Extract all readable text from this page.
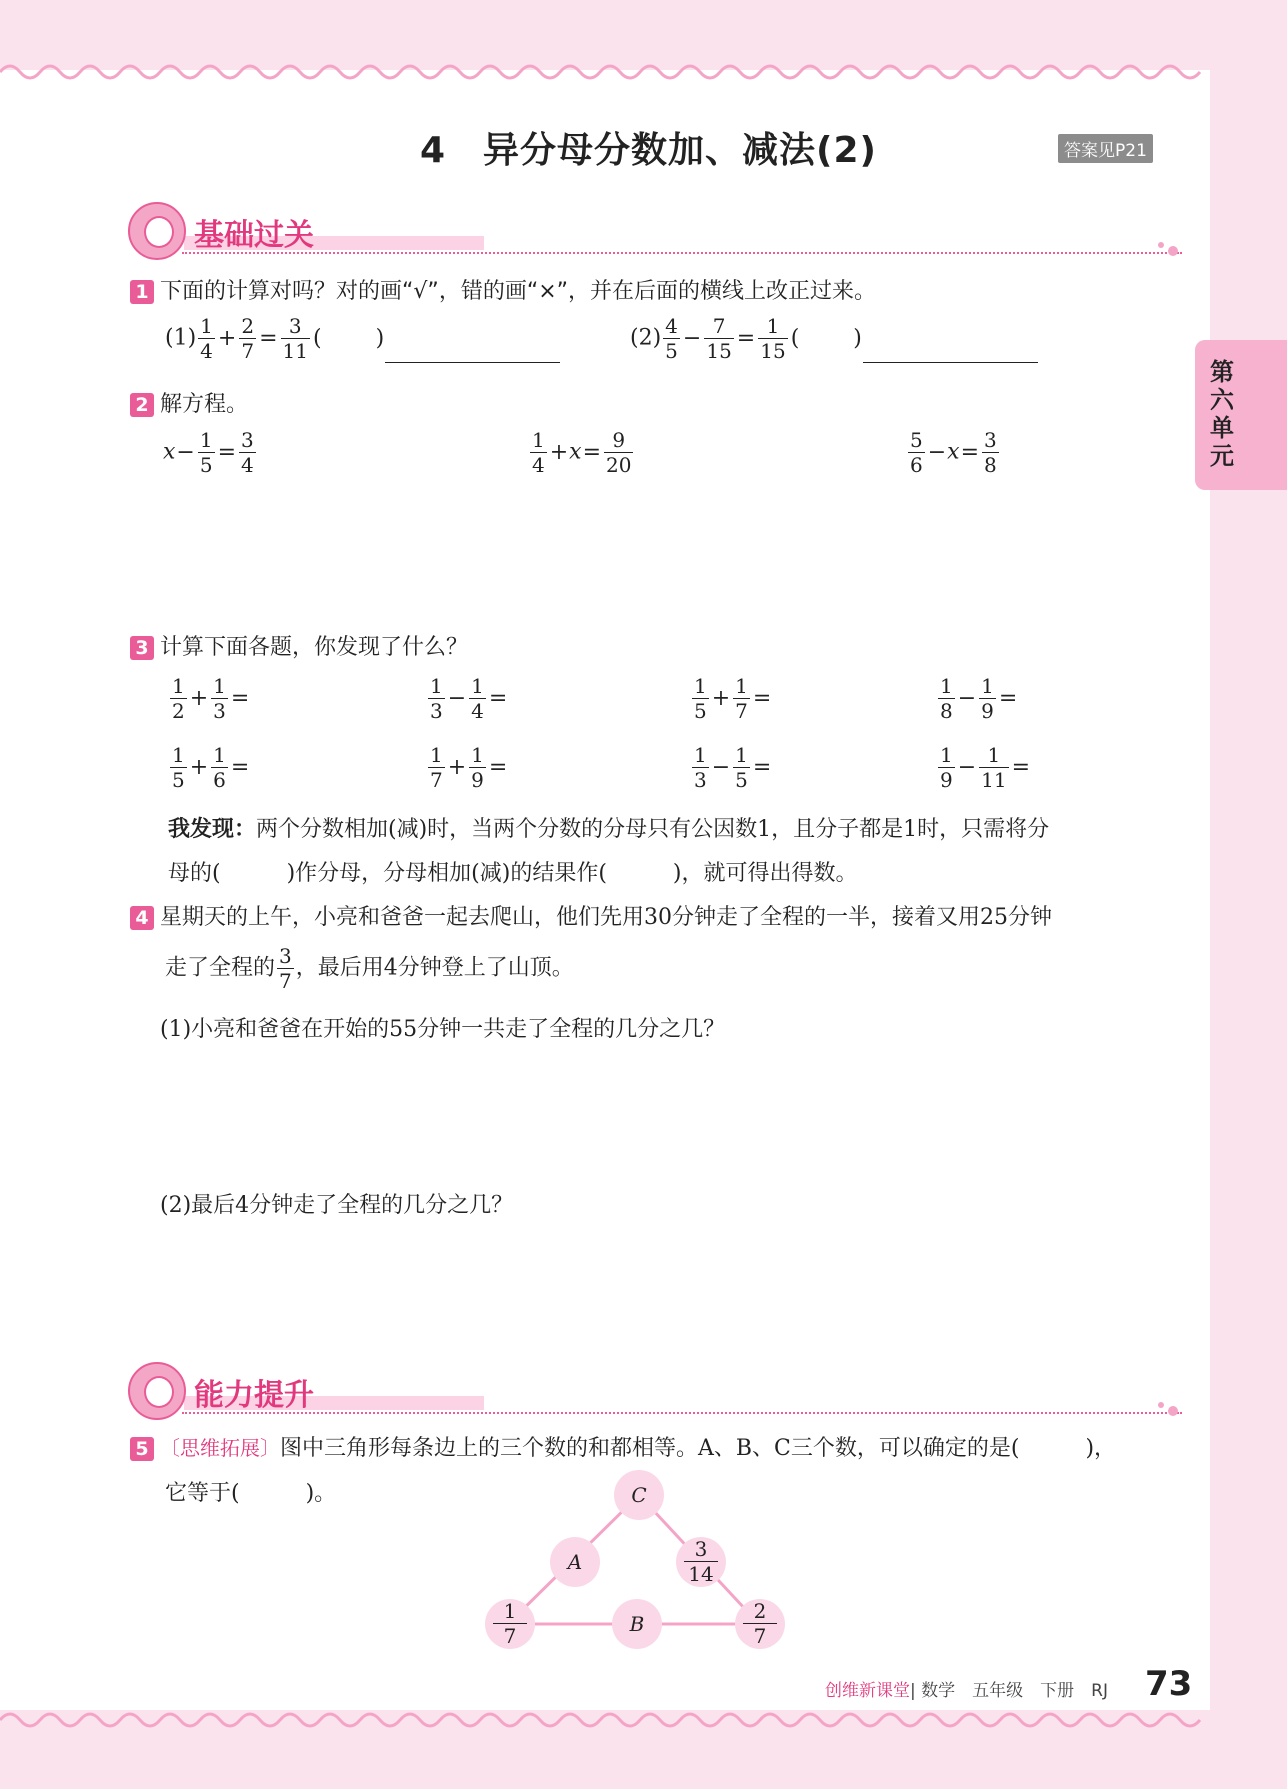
4　异分母分数加、减法(2)	答案见P21
第六单元
基础过关
1 下面的计算对吗？对的画“√”，错的画“×”，并在后面的横线上改正过来。
$(1) \frac{1}{4} + \frac{2}{7} = \frac{3}{11}$ ( )	$(2) \frac{4}{5} - \frac{7}{15} = \frac{1}{15}$ ( )
2 解方程。
$x- \frac{1}{5} = \frac{3}{4}$	$\frac{1}{4} +x= \frac{9}{20}$	$\frac{5}{6} -x= \frac{3}{8}$
3 计算下面各题，你发现了什么？
$\frac{1}{2} + \frac{1}{3}$ =	$\frac{1}{3} - \frac{1}{4}$ =	$\frac{1}{5} + \frac{1}{7}$ =	$\frac{1}{8} - \frac{1}{9}$ =
$\frac{1}{5} + \frac{1}{6}$ =	$\frac{1}{7} + \frac{1}{9}$ =	$\frac{1}{3} - \frac{1}{5}$ =	$\frac{1}{9} - \frac{1}{11}$ =
我发现：两个分数相加(减)时，当两个分数的分母只有公因数1，且分子都是1时，只需将分
母的(　　　)作分母，分母相加(减)的结果作(　　　)，就可得出得数。
4 星期天的上午，小亮和爸爸一起去爬山，他们先用30分钟走了全程的一半，接着又用25分钟
走了全程的 $\frac{3}{7}$ ，最后用4分钟登上了山顶。
(1)小亮和爸爸在开始的55分钟一共走了全程的几分之几？
(2)最后4分钟走了全程的几分之几？
能力提升
5 〔思维拓展〕图中三角形每条边上的三个数的和都相等。A、B、C三个数，可以确定的是(　　　)，
它等于(　　　)。	C
A	$\frac{3}{14}$
$\frac{1}{7}$	B	$\frac{2}{7}$
创维新课堂| 数学　五年级　下册　RJ 73
